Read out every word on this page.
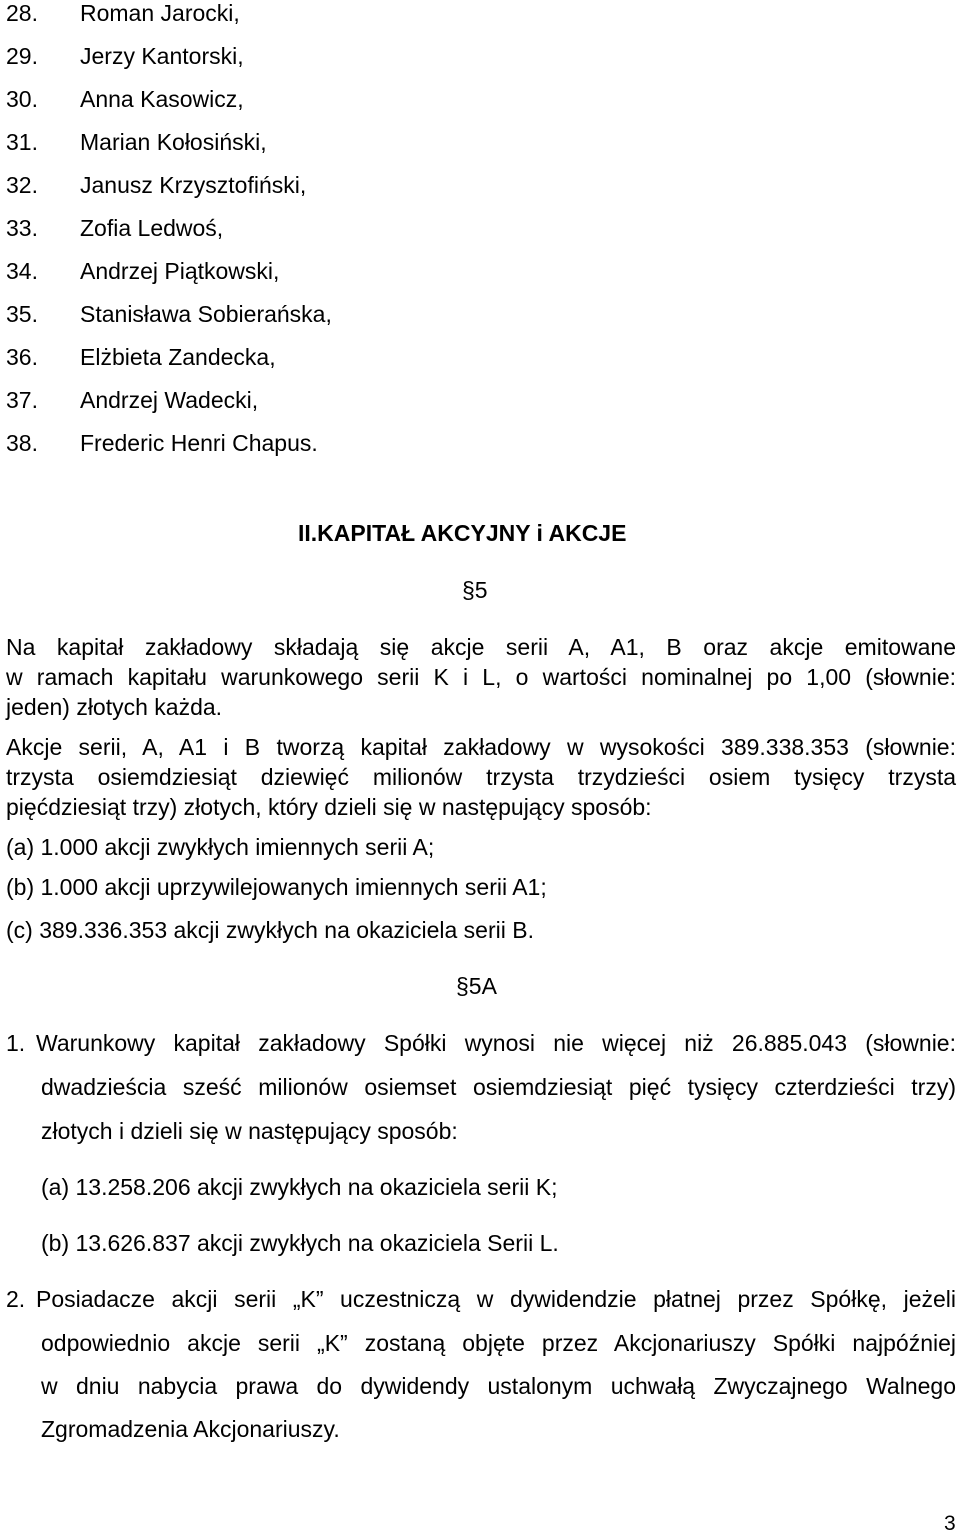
28. Roman Jarocki,
29. Jerzy Kantorski,
30. Anna Kasowicz,
31. Marian Kołosiński,
32. Janusz Krzysztofiński,
33. Zofia Ledwoś,
34. Andrzej Piątkowski,
35. Stanisława Sobierańska,
36. Elżbieta Zandecka,
37. Andrzej Wadecki,
38. Frederic Henri Chapus.
II.KAPITAŁ AKCYJNY i AKCJE
§5
Na kapitał zakładowy składają się akcje serii A, A1, B oraz akcje emitowane
w ramach kapitału warunkowego serii K i L, o wartości nominalnej po 1,00 (słownie:
jeden) złotych każda.
Akcje serii, A, A1 i B tworzą kapitał zakładowy w wysokości 389.338.353 (słownie:
trzysta osiemdziesiąt dziewięć milionów trzysta trzydzieści osiem tysięcy trzysta
pięćdziesiąt trzy) złotych, który dzieli się w następujący sposób:
(a) 1.000 akcji zwykłych imiennych serii A;
(b) 1.000 akcji uprzywilejowanych imiennych serii A1;
(c) 389.336.353 akcji zwykłych na okaziciela serii B.
§5A
1. Warunkowy kapitał zakładowy Spółki wynosi nie więcej niż 26.885.043 (słownie:
dwadzieścia sześć milionów osiemset osiemdziesiąt pięć tysięcy czterdzieści trzy)
złotych i dzieli się w następujący sposób:
(a) 13.258.206 akcji zwykłych na okaziciela serii K;
(b) 13.626.837 akcji zwykłych na okaziciela Serii L.
2. Posiadacze akcji serii „K” uczestniczą w dywidendzie płatnej przez Spółkę, jeżeli
odpowiednio akcje serii „K” zostaną objęte przez Akcjonariuszy Spółki najpóźniej
w dniu nabycia prawa do dywidendy ustalonym uchwałą Zwyczajnego Walnego
Zgromadzenia Akcjonariuszy.
3
